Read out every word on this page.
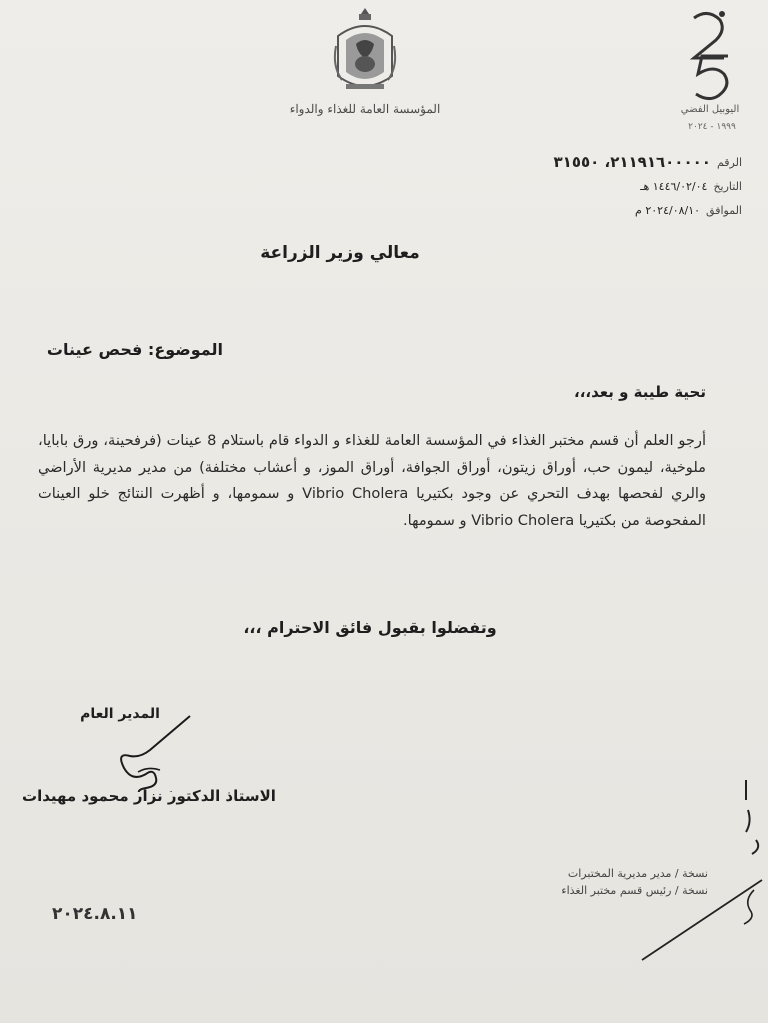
المؤسسة العامة للغذاء والدواء	اليوبيل الفضي
١٩٩٩ - ٢٠٢٤
الرقم
٢١١٩١٦٠٠٠٠٠، ٣١٥٥٠
التاريخ
١٤٤٦/٠٢/٠٤ هـ
الموافق
٢٠٢٤/٠٨/١٠ م
معالي وزير الزراعة
الموضوع: فحص عينات
تحية طيبة و بعد،،،
أرجو العلم أن قسم مختبر الغذاء في المؤسسة العامة للغذاء و الدواء قام باستلام 8 عينات (فرفحينة، ورق بابايا، ملوخية، ليمون حب، أوراق زيتون، أوراق الجوافة، أوراق الموز، و أعشاب مختلفة) من مدير مديرية الأراضي والري لفحصها بهدف التحري عن وجود بكتيريا Vibrio Cholera و سمومها، و أظهرت النتائج خلو العينات المفحوصة من بكتيريا Vibrio Cholera و سمومها.
وتفضلوا بقبول فائق الاحترام ،،،
المدير العام
الاستاذ الدكتور نزار محمود مهيدات
نسخة / مدير مديرية المختبرات
نسخة / رئيس قسم مختبر الغذاء
٢٠٢٤.٨.١١
